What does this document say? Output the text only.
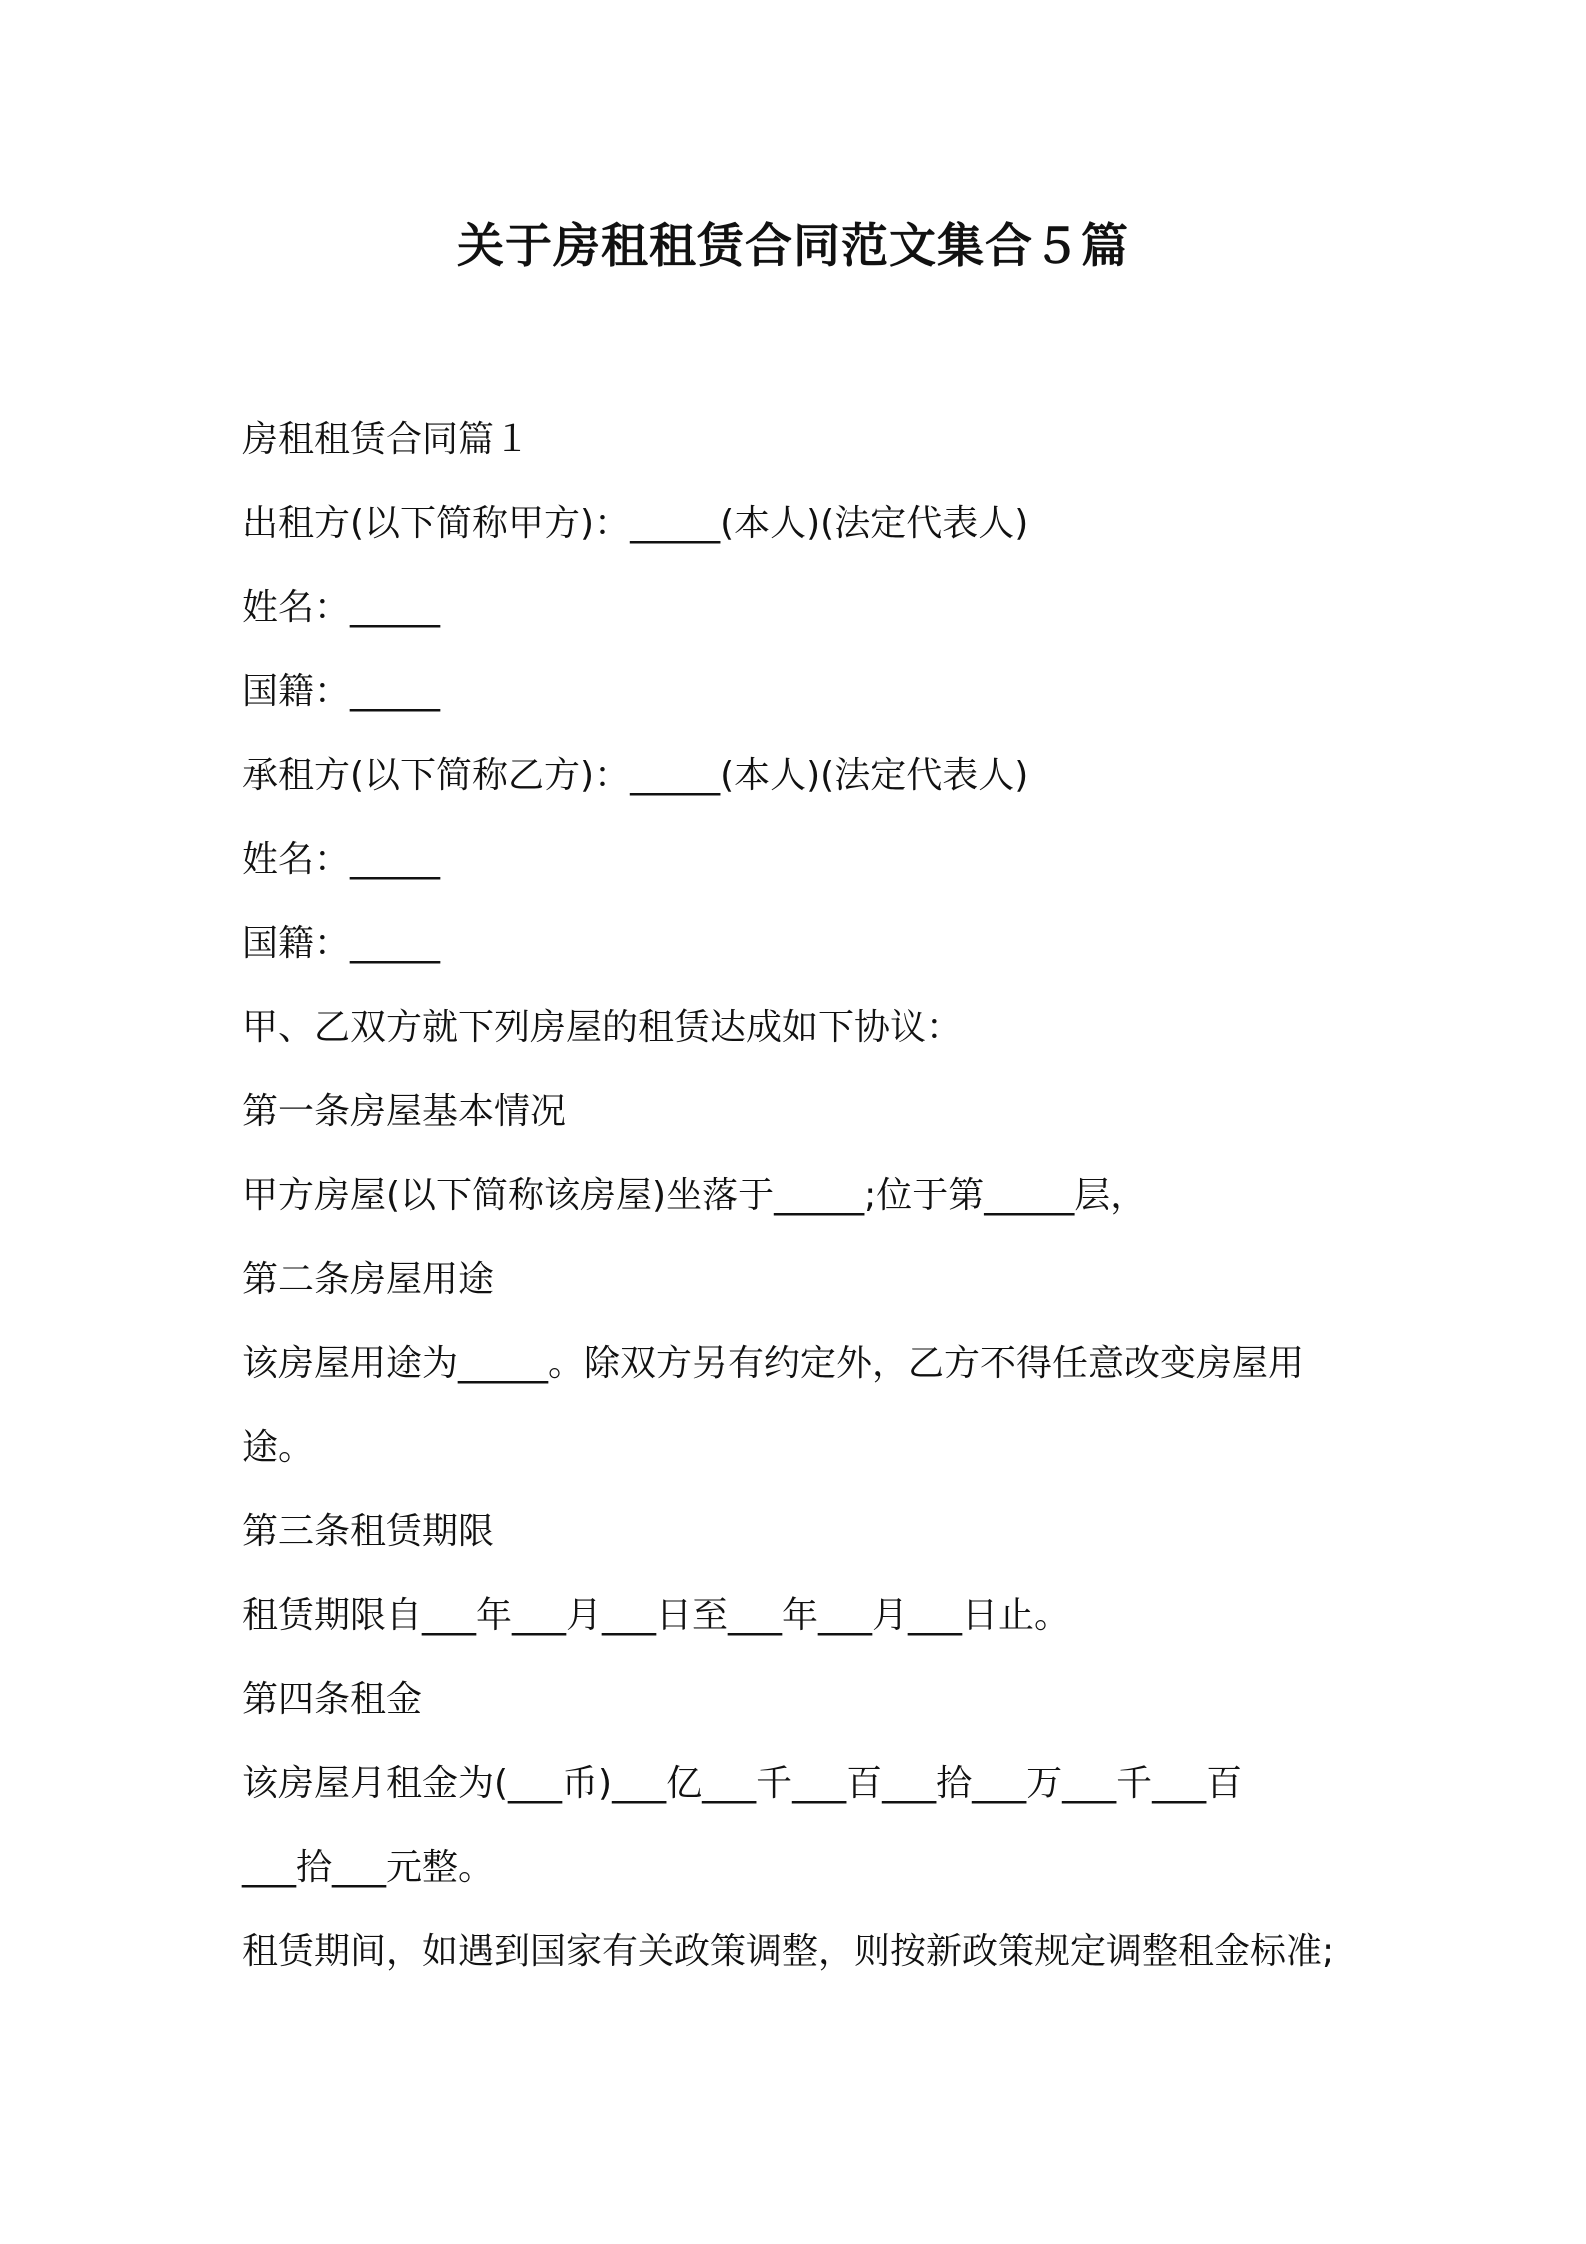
关于房租租赁合同范文集合５篇

房租租赁合同篇１

出租方(以下简称甲方)：_____(本人)(法定代表人)

姓名：_____

国籍：_____

承租方(以下简称乙方)：_____(本人)(法定代表人)

姓名：_____

国籍：_____

甲、乙双方就下列房屋的租赁达成如下协议：

第一条房屋基本情况

甲方房屋(以下简称该房屋)坐落于_____;位于第_____层，

第二条房屋用途

该房屋用途为_____。除双方另有约定外，乙方不得任意改变房屋用

途。

第三条租赁期限

租赁期限自___年___月___日至___年___月___日止。

第四条租金

该房屋月租金为(___币)___亿___千___百___拾___万___千___百

___拾___元整。

租赁期间，如遇到国家有关政策调整，则按新政策规定调整租金标准;
